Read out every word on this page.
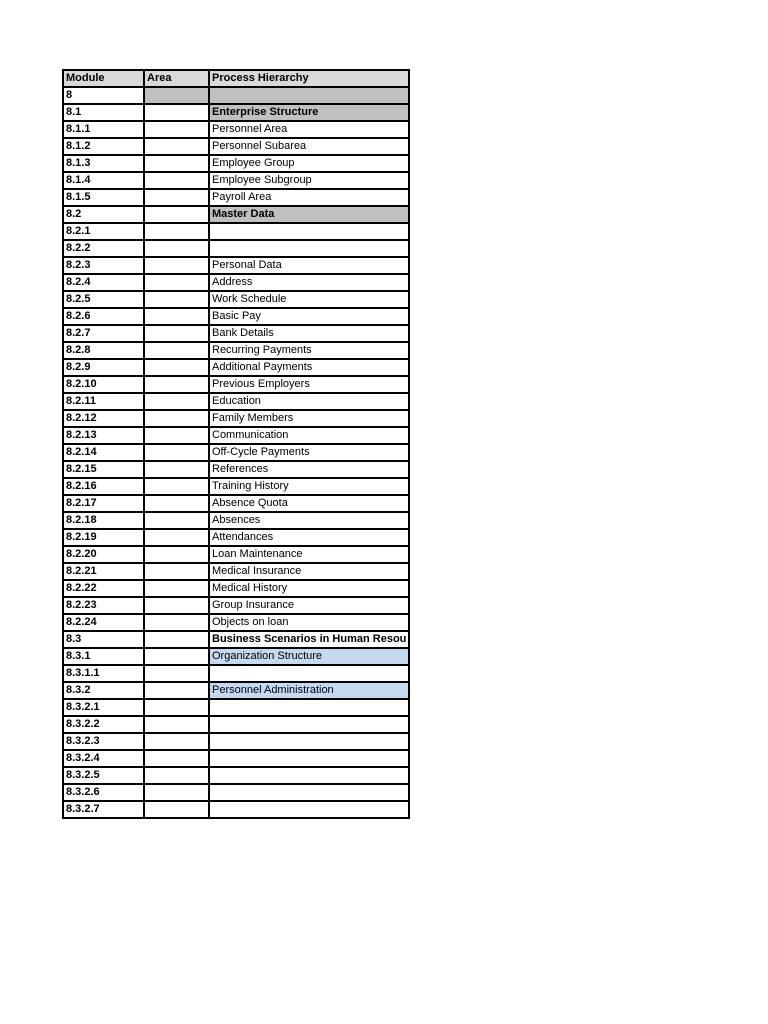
Module	Area	Process Hierarchy
8		
8.1		Enterprise Structure
8.1.1		Personnel Area
8.1.2		Personnel Subarea
8.1.3		Employee Group
8.1.4		Employee Subgroup
8.1.5		Payroll Area
8.2		Master Data
8.2.1		
8.2.2		
8.2.3		Personal Data
8.2.4		Address
8.2.5		Work Schedule
8.2.6		Basic Pay
8.2.7		Bank Details
8.2.8		Recurring Payments
8.2.9		Additional Payments
8.2.10		Previous Employers
8.2.11		Education
8.2.12		Family Members
8.2.13		Communication
8.2.14		Off-Cycle Payments
8.2.15		References
8.2.16		Training History
8.2.17		Absence Quota
8.2.18		Absences
8.2.19		Attendances
8.2.20		Loan Maintenance
8.2.21		Medical Insurance
8.2.22		Medical History
8.2.23		Group Insurance
8.2.24		Objects on loan
8.3		Business Scenarios in Human Resou
8.3.1		Organization Structure
8.3.1.1		
8.3.2		Personnel Administration
8.3.2.1		
8.3.2.2		
8.3.2.3		
8.3.2.4		
8.3.2.5		
8.3.2.6		
8.3.2.7		
